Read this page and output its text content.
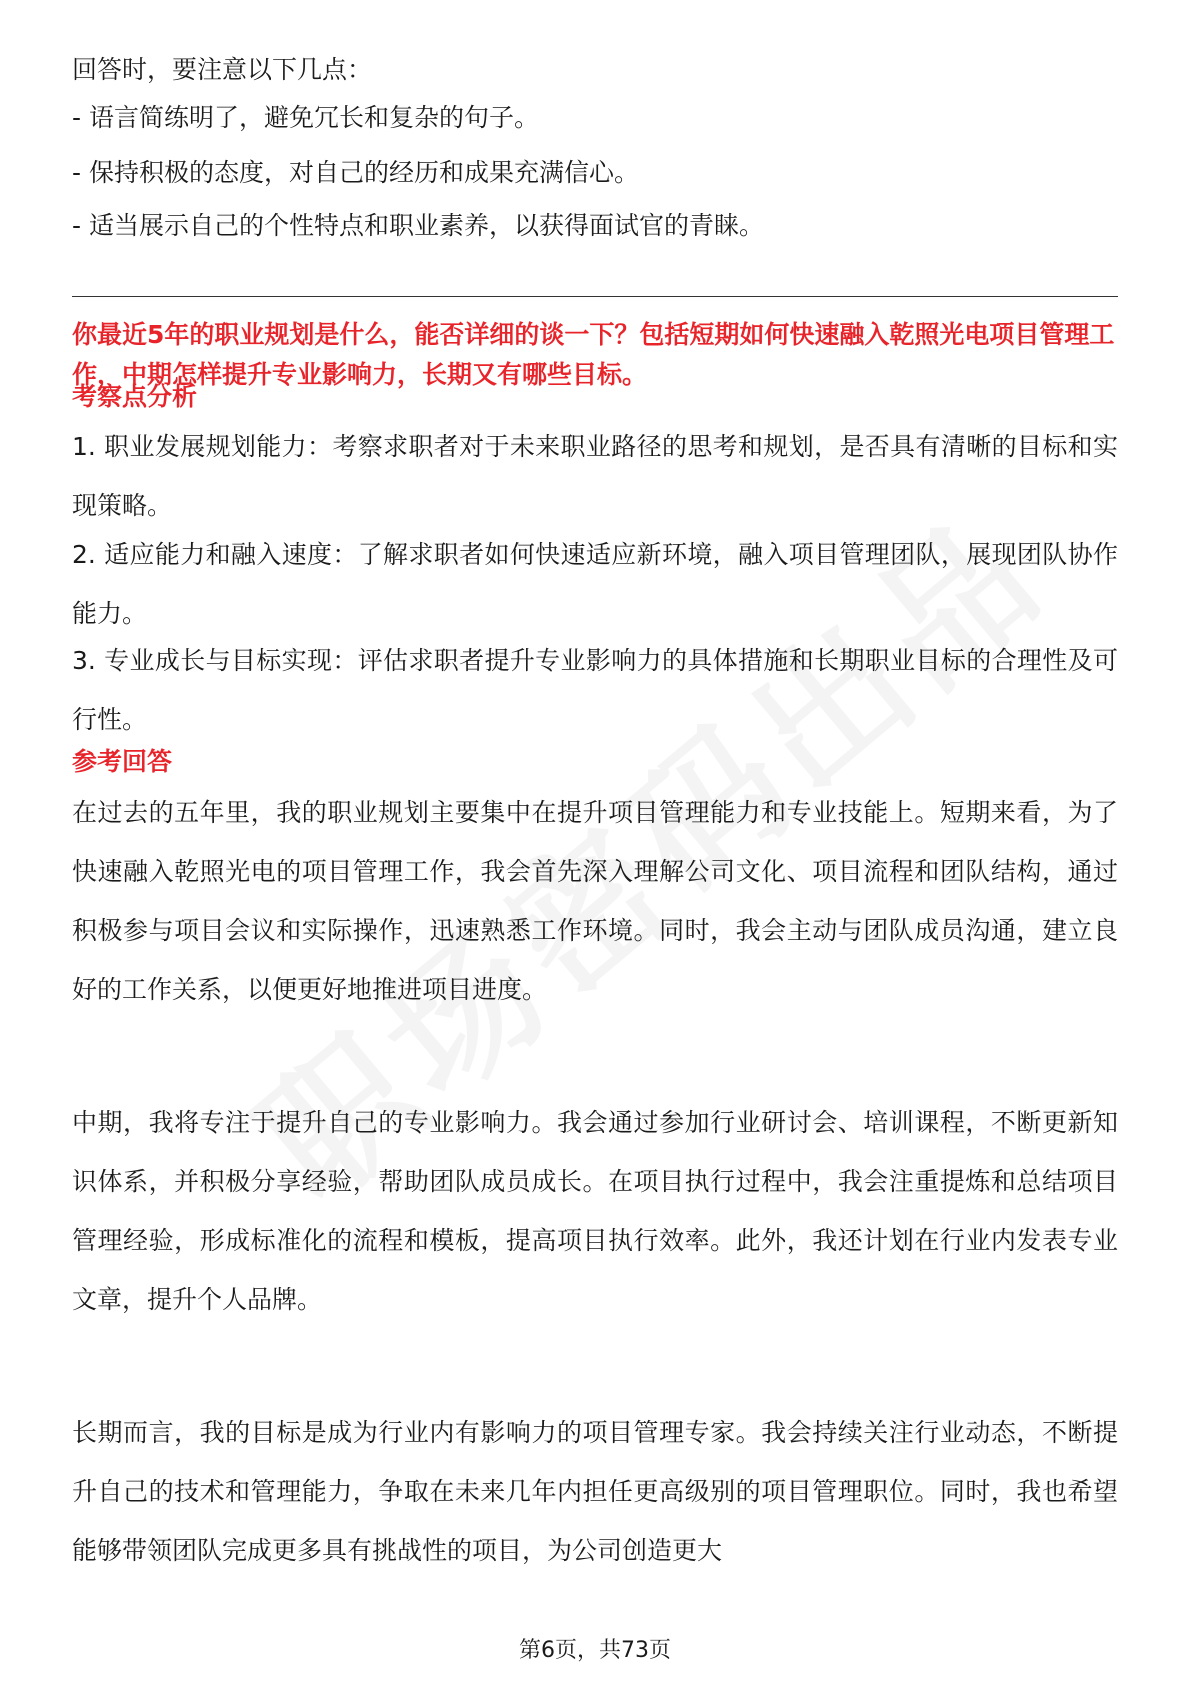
回答时，要注意以下几点：
- 语言简练明了，避免冗长和复杂的句子。
- 保持积极的态度，对自己的经历和成果充满信心。
- 适当展示自己的个性特点和职业素养，以获得面试官的青睐。
你最近5年的职业规划是什么，能否详细的谈一下？包括短期如何快速融入乾照光电项目管理工作，中期怎样提升专业影响力，长期又有哪些目标。
考察点分析
1. 职业发展规划能力：考察求职者对于未来职业路径的思考和规划，是否具有清晰的目标和实现策略。
2. 适应能力和融入速度：了解求职者如何快速适应新环境，融入项目管理团队，展现团队协作能力。
3. 专业成长与目标实现：评估求职者提升专业影响力的具体措施和长期职业目标的合理性及可行性。
参考回答
在过去的五年里，我的职业规划主要集中在提升项目管理能力和专业技能上。短期来看，为了快速融入乾照光电的项目管理工作，我会首先深入理解公司文化、项目流程和团队结构，通过积极参与项目会议和实际操作，迅速熟悉工作环境。同时，我会主动与团队成员沟通，建立良好的工作关系，以便更好地推进项目进度。
中期，我将专注于提升自己的专业影响力。我会通过参加行业研讨会、培训课程，不断更新知识体系，并积极分享经验，帮助团队成员成长。在项目执行过程中，我会注重提炼和总结项目管理经验，形成标准化的流程和模板，提高项目执行效率。此外，我还计划在行业内发表专业文章，提升个人品牌。
长期而言，我的目标是成为行业内有影响力的项目管理专家。我会持续关注行业动态，不断提升自己的技术和管理能力，争取在未来几年内担任更高级别的项目管理职位。同时，我也希望能够带领团队完成更多具有挑战性的项目，为公司创造更大
第6页，共73页
